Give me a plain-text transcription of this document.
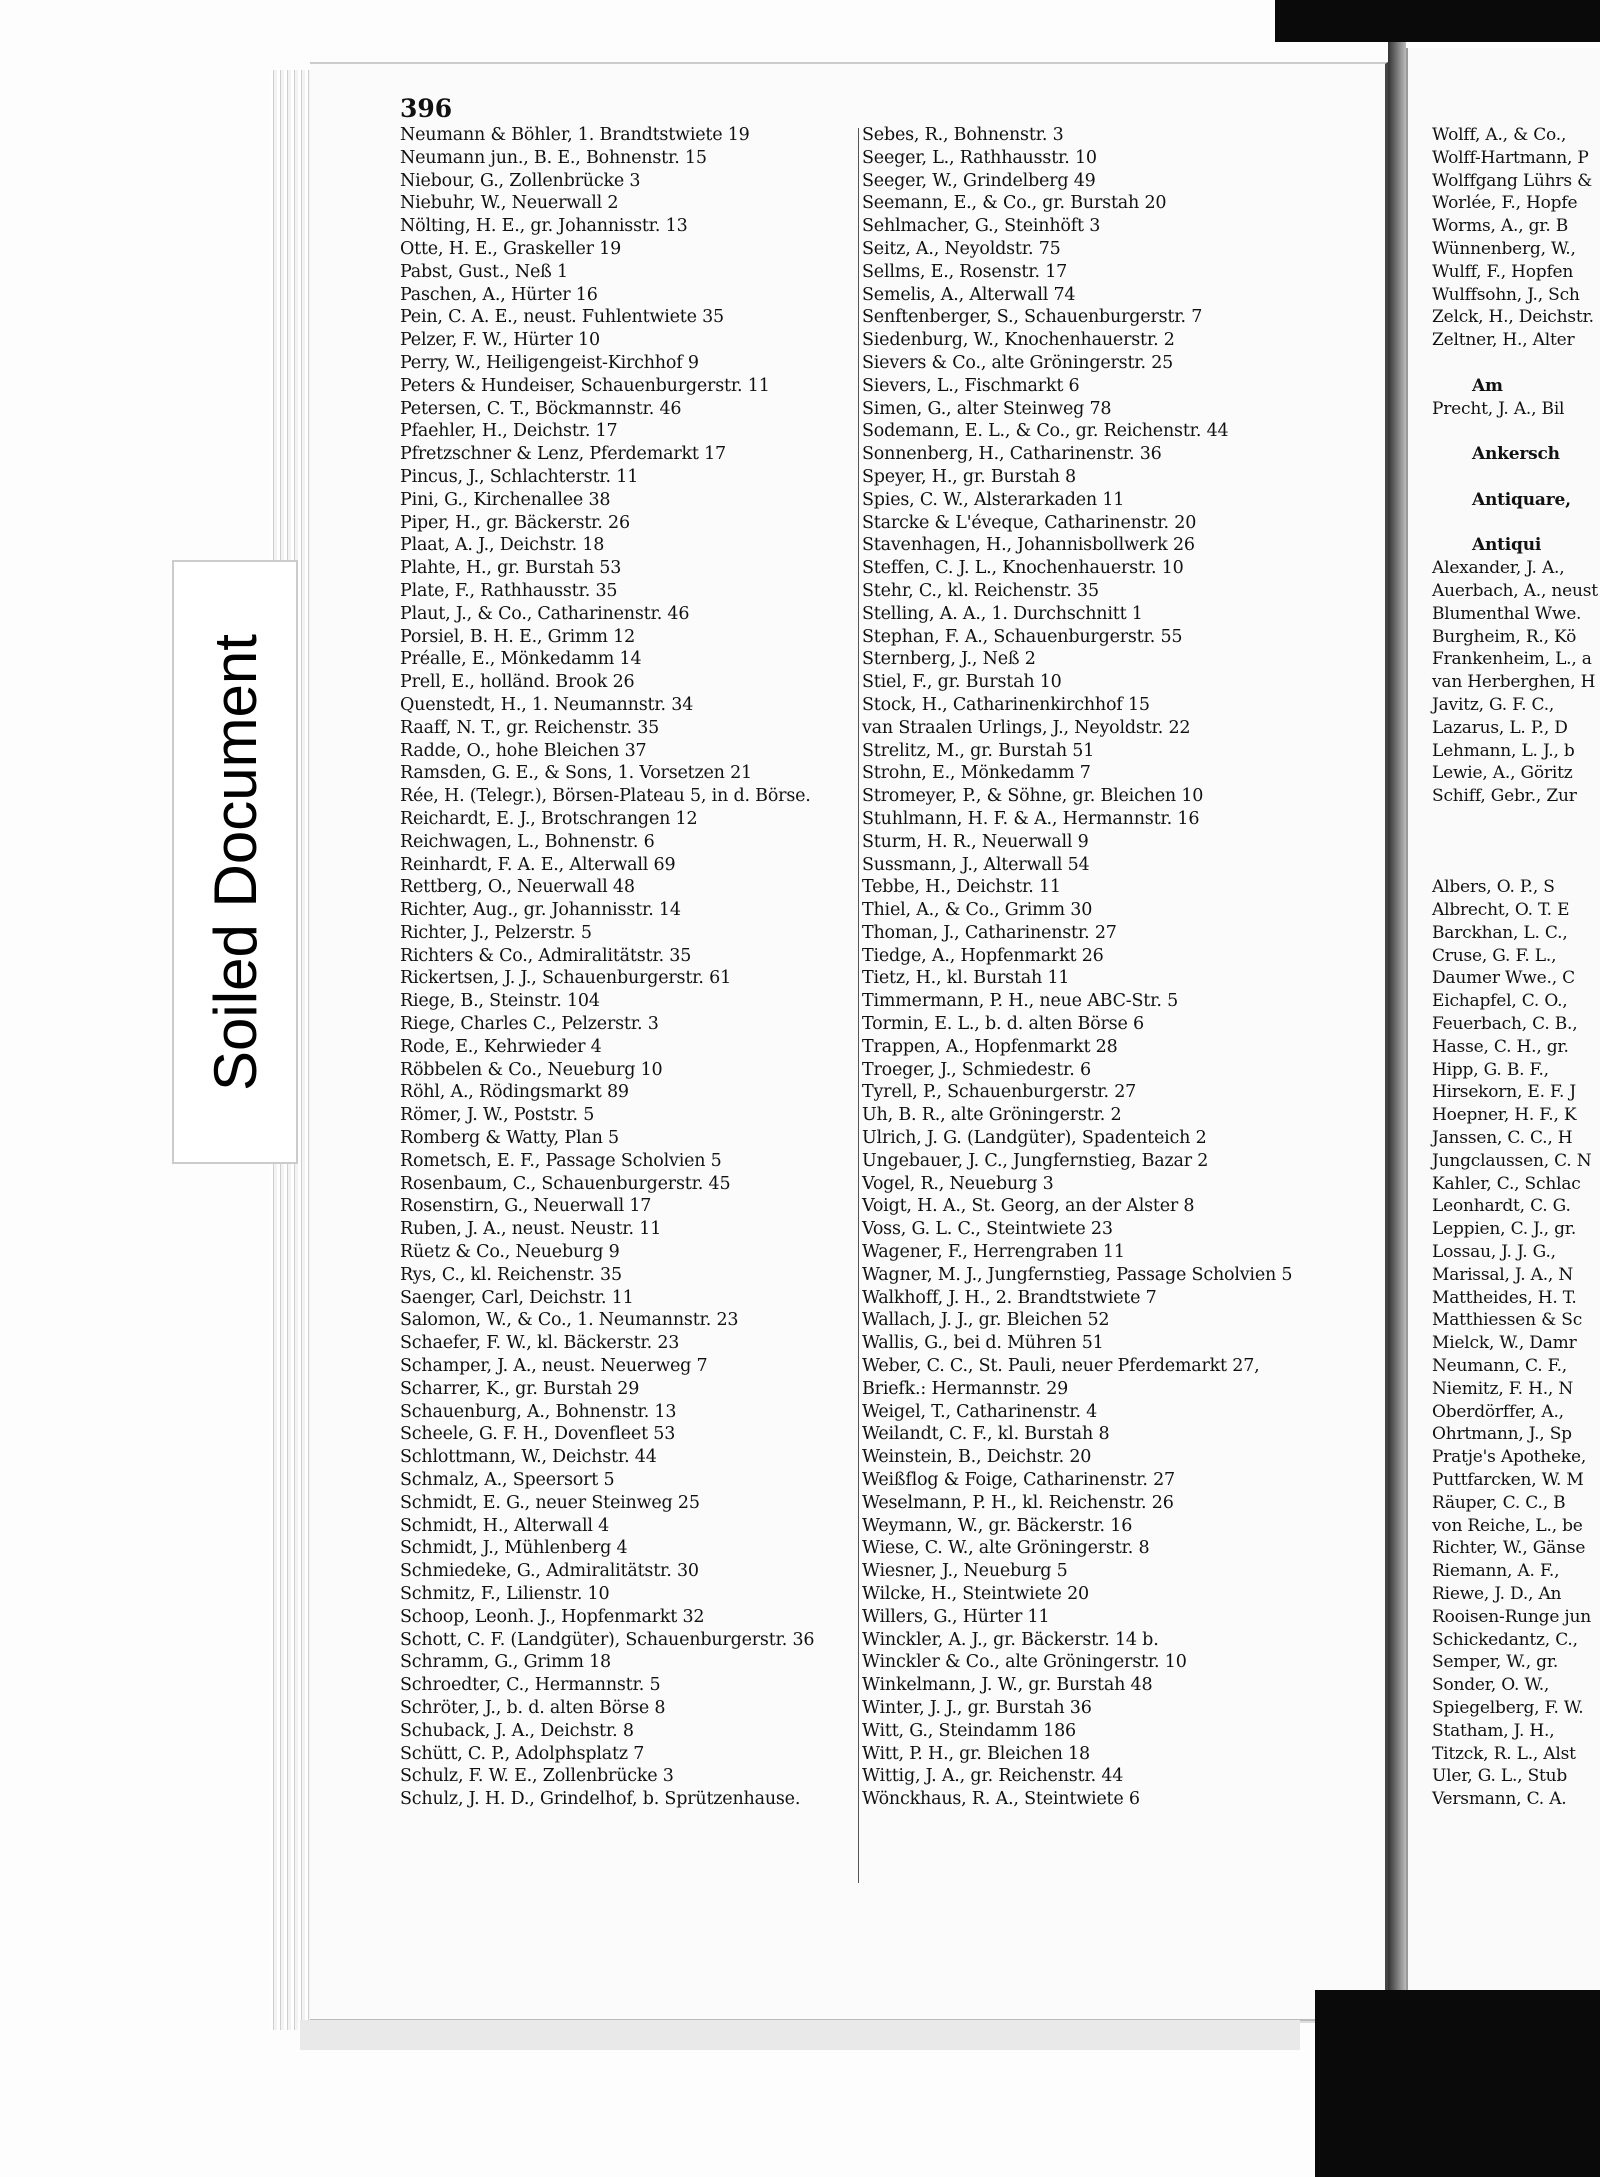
Soiled Document
396
Neumann & Böhler, 1. Brandtstwiete 19
Neumann jun., B. E., Bohnenstr. 15
Niebour, G., Zollenbrücke 3
Niebuhr, W., Neuerwall 2
Nölting, H. E., gr. Johannisstr. 13
Otte, H. E., Graskeller 19
Pabst, Gust., Neß 1
Paschen, A., Hürter 16
Pein, C. A. E., neust. Fuhlentwiete 35
Pelzer, F. W., Hürter 10
Perry, W., Heiligengeist-Kirchhof 9
Peters & Hundeiser, Schauenburgerstr. 11
Petersen, C. T., Böckmannstr. 46
Pfaehler, H., Deichstr. 17
Pfretzschner & Lenz, Pferdemarkt 17
Pincus, J., Schlachterstr. 11
Pini, G., Kirchenallee 38
Piper, H., gr. Bäckerstr. 26
Plaat, A. J., Deichstr. 18
Plahte, H., gr. Burstah 53
Plate, F., Rathhausstr. 35
Plaut, J., & Co., Catharinenstr. 46
Porsiel, B. H. E., Grimm 12
Préalle, E., Mönkedamm 14
Prell, E., holländ. Brook 26
Quenstedt, H., 1. Neumannstr. 34
Raaff, N. T., gr. Reichenstr. 35
Radde, O., hohe Bleichen 37
Ramsden, G. E., & Sons, 1. Vorsetzen 21
Rée, H. (Telegr.), Börsen-Plateau 5, in d. Börse.
Reichardt, E. J., Brotschrangen 12
Reichwagen, L., Bohnenstr. 6
Reinhardt, F. A. E., Alterwall 69
Rettberg, O., Neuerwall 48
Richter, Aug., gr. Johannisstr. 14
Richter, J., Pelzerstr. 5
Richters & Co., Admiralitätstr. 35
Rickertsen, J. J., Schauenburgerstr. 61
Riege, B., Steinstr. 104
Riege, Charles C., Pelzerstr. 3
Rode, E., Kehrwieder 4
Röbbelen & Co., Neueburg 10
Röhl, A., Rödingsmarkt 89
Römer, J. W., Poststr. 5
Romberg & Watty, Plan 5
Rometsch, E. F., Passage Scholvien 5
Rosenbaum, C., Schauenburgerstr. 45
Rosenstirn, G., Neuerwall 17
Ruben, J. A., neust. Neustr. 11
Rüetz & Co., Neueburg 9
Rys, C., kl. Reichenstr. 35
Saenger, Carl, Deichstr. 11
Salomon, W., & Co., 1. Neumannstr. 23
Schaefer, F. W., kl. Bäckerstr. 23
Schamper, J. A., neust. Neuerweg 7
Scharrer, K., gr. Burstah 29
Schauenburg, A., Bohnenstr. 13
Scheele, G. F. H., Dovenfleet 53
Schlottmann, W., Deichstr. 44
Schmalz, A., Speersort 5
Schmidt, E. G., neuer Steinweg 25
Schmidt, H., Alterwall 4
Schmidt, J., Mühlenberg 4
Schmiedeke, G., Admiralitätstr. 30
Schmitz, F., Lilienstr. 10
Schoop, Leonh. J., Hopfenmarkt 32
Schott, C. F. (Landgüter), Schauenburgerstr. 36
Schramm, G., Grimm 18
Schroedter, C., Hermannstr. 5
Schröter, J., b. d. alten Börse 8
Schuback, J. A., Deichstr. 8
Schütt, C. P., Adolphsplatz 7
Schulz, F. W. E., Zollenbrücke 3
Schulz, J. H. D., Grindelhof, b. Sprützenhause.
Sebes, R., Bohnenstr. 3
Seeger, L., Rathhausstr. 10
Seeger, W., Grindelberg 49
Seemann, E., & Co., gr. Burstah 20
Sehlmacher, G., Steinhöft 3
Seitz, A., Neyoldstr. 75
Sellms, E., Rosenstr. 17
Semelis, A., Alterwall 74
Senftenberger, S., Schauenburgerstr. 7
Siedenburg, W., Knochenhauerstr. 2
Sievers & Co., alte Gröningerstr. 25
Sievers, L., Fischmarkt 6
Simen, G., alter Steinweg 78
Sodemann, E. L., & Co., gr. Reichenstr. 44
Sonnenberg, H., Catharinenstr. 36
Speyer, H., gr. Burstah 8
Spies, C. W., Alsterarkaden 11
Starcke & L'éveque, Catharinenstr. 20
Stavenhagen, H., Johannisbollwerk 26
Steffen, C. J. L., Knochenhauerstr. 10
Stehr, C., kl. Reichenstr. 35
Stelling, A. A., 1. Durchschnitt 1
Stephan, F. A., Schauenburgerstr. 55
Sternberg, J., Neß 2
Stiel, F., gr. Burstah 10
Stock, H., Catharinenkirchhof 15
van Straalen Urlings, J., Neyoldstr. 22
Strelitz, M., gr. Burstah 51
Strohn, E., Mönkedamm 7
Stromeyer, P., & Söhne, gr. Bleichen 10
Stuhlmann, H. F. & A., Hermannstr. 16
Sturm, H. R., Neuerwall 9
Sussmann, J., Alterwall 54
Tebbe, H., Deichstr. 11
Thiel, A., & Co., Grimm 30
Thoman, J., Catharinenstr. 27
Tiedge, A., Hopfenmarkt 26
Tietz, H., kl. Burstah 11
Timmermann, P. H., neue ABC-Str. 5
Tormin, E. L., b. d. alten Börse 6
Trappen, A., Hopfenmarkt 28
Troeger, J., Schmiedestr. 6
Tyrell, P., Schauenburgerstr. 27
Uh, B. R., alte Gröningerstr. 2
Ulrich, J. G. (Landgüter), Spadenteich 2
Ungebauer, J. C., Jungfernstieg, Bazar 2
Vogel, R., Neueburg 3
Voigt, H. A., St. Georg, an der Alster 8
Voss, G. L. C., Steintwiete 23
Wagener, F., Herrengraben 11
Wagner, M. J., Jungfernstieg, Passage Scholvien 5
Walkhoff, J. H., 2. Brandtstwiete 7
Wallach, J. J., gr. Bleichen 52
Wallis, G., bei d. Mühren 51
Weber, C. C., St. Pauli, neuer Pferdemarkt 27,
Briefk.: Hermannstr. 29
Weigel, T., Catharinenstr. 4
Weilandt, C. F., kl. Burstah 8
Weinstein, B., Deichstr. 20
Weißflog & Foige, Catharinenstr. 27
Weselmann, P. H., kl. Reichenstr. 26
Weymann, W., gr. Bäckerstr. 16
Wiese, C. W., alte Gröningerstr. 8
Wiesner, J., Neueburg 5
Wilcke, H., Steintwiete 20
Willers, G., Hürter 11
Winckler, A. J., gr. Bäckerstr. 14 b.
Winckler & Co., alte Gröningerstr. 10
Winkelmann, J. W., gr. Burstah 48
Winter, J. J., gr. Burstah 36
Witt, G., Steindamm 186
Witt, P. H., gr. Bleichen 18
Wittig, J. A., gr. Reichenstr. 44
Wönckhaus, R. A., Steintwiete 6
Wolff, A., & Co.,
Wolff-Hartmann, P
Wolffgang Lührs &
Worlée, F., Hopfe
Worms, A., gr. B
Wünnenberg, W.,
Wulff, F., Hopfen
Wulffsohn, J., Sch
Zelck, H., Deichstr.
Zeltner, H., Alter
Am
Precht, J. A., Bil
Ankersch
Antiquare,
Antiqui
Alexander, J. A.,
Auerbach, A., neust
Blumenthal Wwe.
Burgheim, R., Kö
Frankenheim, L., a
van Herberghen, H
Javitz, G. F. C.,
Lazarus, L. P., D
Lehmann, L. J., b
Lewie, A., Göritz
Schiff, Gebr., Zur
Albers, O. P., S
Albrecht, O. T. E
Barckhan, L. C.,
Cruse, G. F. L.,
Daumer Wwe., C
Eichapfel, C. O.,
Feuerbach, C. B.,
Hasse, C. H., gr.
Hipp, G. B. F.,
Hirsekorn, E. F. J
Hoepner, H. F., K
Janssen, C. C., H
Jungclaussen, C. N
Kahler, C., Schlac
Leonhardt, C. G.
Leppien, C. J., gr.
Lossau, J. J. G.,
Marissal, J. A., N
Mattheides, H. T.
Matthiessen & Sc
Mielck, W., Damr
Neumann, C. F.,
Niemitz, F. H., N
Oberdörffer, A.,
Ohrtmann, J., Sp
Pratje's Apotheke,
Puttfarcken, W. M
Räuper, C. C., B
von Reiche, L., be
Richter, W., Gänse
Riemann, A. F.,
Riewe, J. D., An
Rooisen-Runge jun
Schickedantz, C.,
Semper, W., gr.
Sonder, O. W.,
Spiegelberg, F. W.
Statham, J. H.,
Titzck, R. L., Alst
Uler, G. L., Stub
Versmann, C. A.
